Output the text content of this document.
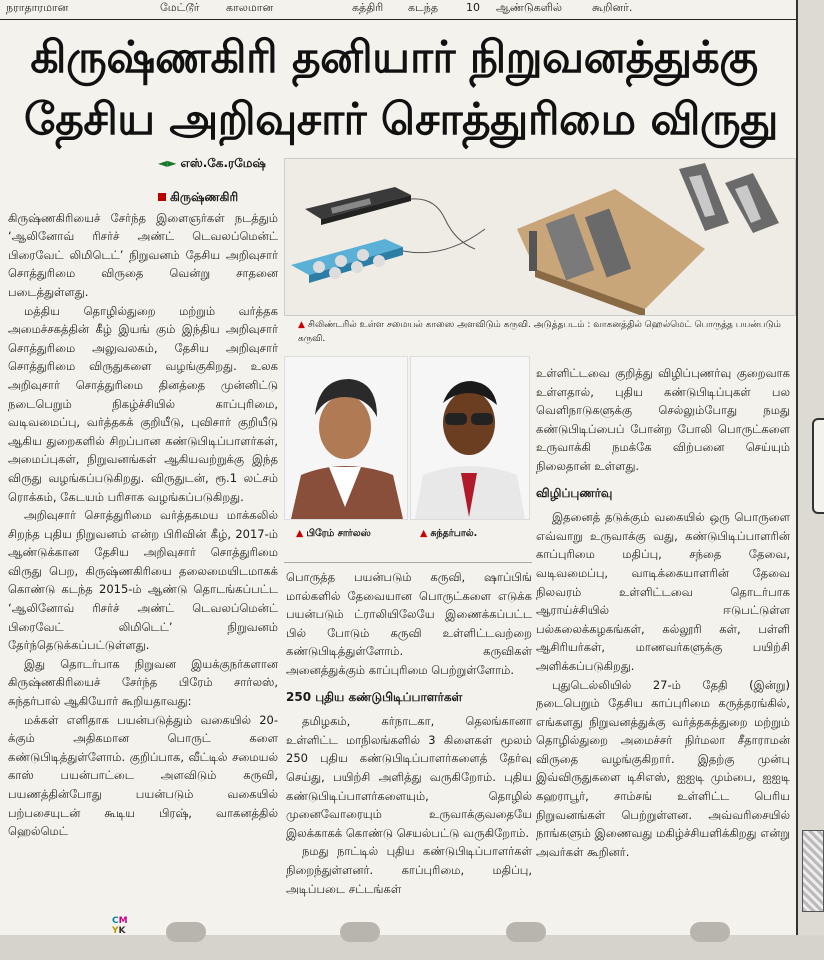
CM
YK
நராதாரமான	மேட்டூர் காலமான	கத்திரி கடந்த	10 ஆண்டுகளில்	கூறினர்.
கிருஷ்ணகிரி தனியார் நிறுவனத்துக்கு
தேசிய அறிவுசார் சொத்துரிமை விருது
◄► எஸ்.கே.ரமேஷ்
கிருஷ்ணகிரி

கிருஷ்ணகிரியைச் சேர்ந்த இளைஞர்கள் நடத்தும் ‘ஆலினோவ் ரிசர்ச் அண்ட் டெவலப்மென்ட் பிரைவேட் லிமிடெட்’ நிறுவனம் தேசிய அறிவுசார் சொத்துரிமை விருதை வென்று சாதனை படைத்துள்ளது.

மத்திய தொழில்துறை மற்றும் வர்த்தக அமைச்சகத்தின் கீழ் இயங் கும் இந்திய அறிவுசார் சொத்துரிமை அலுவலகம், தேசிய அறிவுசார் சொத்துரிமை விருதுகளை வழங்குகிறது. உலக அறிவுசார் சொத்துரிமை தினத்தை முன்னிட்டு நடைபெறும் நிகழ்ச்சியில் காப்புரிமை, வடிவமைப்பு, வர்த்தகக் குறியீடு, புவிசார் குறியீடு ஆகிய துறைகளில் சிறப்பான கண்டுபிடிப்பாளர்கள், அமைப்புகள், நிறுவனங்கள் ஆகியவற்றுக்கு இந்த விருது வழங்கப்படுகிறது. விருதுடன், ரூ.1 லட்சம் ரொக்கம், கேடயம் பரிசாக வழங்கப்படுகிறது.

அறிவுசார் சொத்துரிமை வர்த்தகமய மாக்கலில் சிறந்த புதிய நிறுவனம் என்ற பிரிவின் கீழ், 2017-ம் ஆண்டுக்கான தேசிய அறிவுசார் சொத்துரிமை விருது பெற, கிருஷ்ணகிரியை தலைமையிடமாகக் கொண்டு கடந்த 2015-ம் ஆண்டு தொடங்கப்பட்ட ‘ஆலினோவ் ரிசர்ச் அண்ட் டெவலப்மென்ட் பிரைவேட் லிமிடெட்’ நிறுவனம் தேர்ந்தெடுக்கப்பட்டுள்ளது.

இது தொடர்பாக நிறுவன இயக்குநர்களான கிருஷ்ணகிரியைச் சேர்ந்த பிரேம் சார்லஸ், சுந்தர்பால் ஆகியோர் கூறியதாவது:

மக்கள் எளிதாக பயன்படுத்தும் வகையில் 20-க்கும் அதிகமான பொருட் களை கண்டுபிடித்துள்ளோம். குறிப்பாக, வீட்டில் சமையல் காஸ் பயன்பாட்டை அளவிடும் கருவி, பயணத்தின்போது பயன்படும் வகையில் பற்பசையுடன் கூடிய பிரஷ், வாகனத்தில் ஹெல்மெட்

▲ சிலிண்டரில் உள்ள சமையல் காஸை அளவிடும் கருவி. அடுத்தபடம் : வாகனத்தில் ஹெல்மெட் பொருத்த பயன்படும் கருவி.
▲ பிரேம் சார்லஸ்	▲ சுந்தர்பால்.

பொருத்த பயன்படும் கருவி, ஷாப்பிங் மால்களில் தேவையான பொருட்களை எடுக்க பயன்படும் ட்ராலியிலேயே இணைக்கப்பட்ட பில் போடும் கருவி உள்ளிட்டவற்றை கண்டுபிடித்துள்ளோம். கருவிகள் அனைத்துக்கும் காப்புரிமை பெற்றுள்ளோம்.

250 புதிய கண்டுபிடிப்பாளர்கள்

தமிழகம், கர்நாடகா, தெலங்கானா உள்ளிட்ட மாநிலங்களில் 3 கிளைகள் மூலம் 250 புதிய கண்டுபிடிப்பாளர்களைத் தேர்வு செய்து, பயிற்சி அளித்து வருகிறோம். புதிய கண்டுபிடிப்பாளர்களையும், தொழில் முனைவோரையும் உருவாக்குவதையே இலக்காகக் கொண்டு செயல்பட்டு வருகிறோம்.

நமது நாட்டில் புதிய கண்டுபிடிப்பாளர்கள் நிறைந்துள்ளனர். காப்புரிமை, மதிப்பு, அடிப்படை சட்டங்கள்

உள்ளிட்டவை குறித்து விழிப்புணர்வு குறைவாக உள்ளதால், புதிய கண்டுபிடிப்புகள் பல வெளிநாடுகளுக்கு செல்லும்போது நமது கண்டுபிடிப்பைப் போன்ற போலி பொருட்களை உருவாக்கி நமக்கே விற்பனை செய்யும் நிலைதான் உள்ளது.

விழிப்புணர்வு

இதனைத் தடுக்கும் வகையில் ஒரு பொருளை எவ்வாறு உருவாக்கு வது, கண்டுபிடிப்பாளரின் காப்புரிமை மதிப்பு, சந்தை தேவை, வடிவமைப்பு, வாடிக்கையாளரின் தேவை நிலவரம் உள்ளிட்டவை தொடர்பாக ஆராய்ச்சியில் ஈடுபட்டுள்ள பல்கலைக்கழகங்கள், கல்லூரி கள், பள்ளி ஆசிரியர்கள், மாணவர்களுக்கு பயிற்சி அளிக்கப்படுகிறது.

புதுடெல்லியில் 27-ம் தேதி (இன்று) நடைபெறும் தேசிய காப்புரிமை கருத்தரங்கில், எங்களது நிறுவனத்துக்கு வர்த்தகத்துறை மற்றும் தொழில்துறை அமைச்சர் நிர்மலா சீதாராமன் விருதை வழங்குகிறார். இதற்கு முன்பு இவ்விருதுகளை டிசிஎஸ், ஐஐடி மும்பை, ஐஐடி கஹராபூர், சாம்சங் உள்ளிட்ட பெரிய நிறுவனங்கள் பெற்றுள்ளன. அவ்வரிசையில் நாங்களும் இணைவது மகிழ்ச்சியளிக்கிறது என்று அவர்கள் கூறினர்.
